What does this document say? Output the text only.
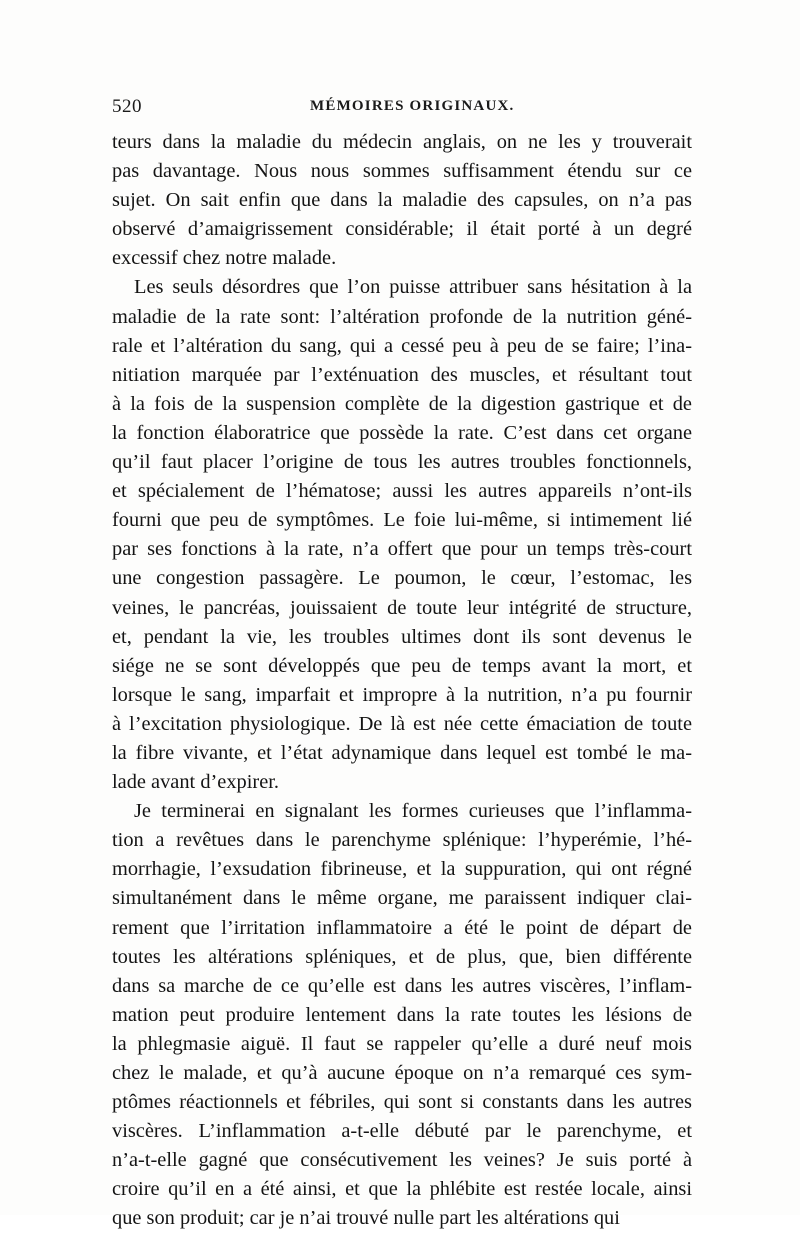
520	MÉMOIRES ORIGINAUX.
teurs dans la maladie du médecin anglais, on ne les y trouverait
pas davantage. Nous nous sommes suffisamment étendu sur ce
sujet. On sait enfin que dans la maladie des capsules, on n’a pas
observé d’amaigrissement considérable; il était porté à un degré
excessif chez notre malade.
Les seuls désordres que l’on puisse attribuer sans hésitation à la
maladie de la rate sont: l’altération profonde de la nutrition géné-
rale et l’altération du sang, qui a cessé peu à peu de se faire; l’ina-
nitiation marquée par l’exténuation des muscles, et résultant tout
à la fois de la suspension complète de la digestion gastrique et de
la fonction élaboratrice que possède la rate. C’est dans cet organe
qu’il faut placer l’origine de tous les autres troubles fonctionnels,
et spécialement de l’hématose; aussi les autres appareils n’ont-ils
fourni que peu de symptômes. Le foie lui-même, si intimement lié
par ses fonctions à la rate, n’a offert que pour un temps très-court
une congestion passagère. Le poumon, le cœur, l’estomac, les
veines, le pancréas, jouissaient de toute leur intégrité de structure,
et, pendant la vie, les troubles ultimes dont ils sont devenus le
siége ne se sont développés que peu de temps avant la mort, et
lorsque le sang, imparfait et impropre à la nutrition, n’a pu fournir
à l’excitation physiologique. De là est née cette émaciation de toute
la fibre vivante, et l’état adynamique dans lequel est tombé le ma-
lade avant d’expirer.
Je terminerai en signalant les formes curieuses que l’inflamma-
tion a revêtues dans le parenchyme splénique: l’hyperémie, l’hé-
morrhagie, l’exsudation fibrineuse, et la suppuration, qui ont régné
simultanément dans le même organe, me paraissent indiquer clai-
rement que l’irritation inflammatoire a été le point de départ de
toutes les altérations spléniques, et de plus, que, bien différente
dans sa marche de ce qu’elle est dans les autres viscères, l’inflam-
mation peut produire lentement dans la rate toutes les lésions de
la phlegmasie aiguë. Il faut se rappeler qu’elle a duré neuf mois
chez le malade, et qu’à aucune époque on n’a remarqué ces sym-
ptômes réactionnels et fébriles, qui sont si constants dans les autres
viscères. L’inflammation a-t-elle débuté par le parenchyme, et
n’a-t-elle gagné que consécutivement les veines? Je suis porté à
croire qu’il en a été ainsi, et que la phlébite est restée locale, ainsi
que son produit; car je n’ai trouvé nulle part les altérations qui
